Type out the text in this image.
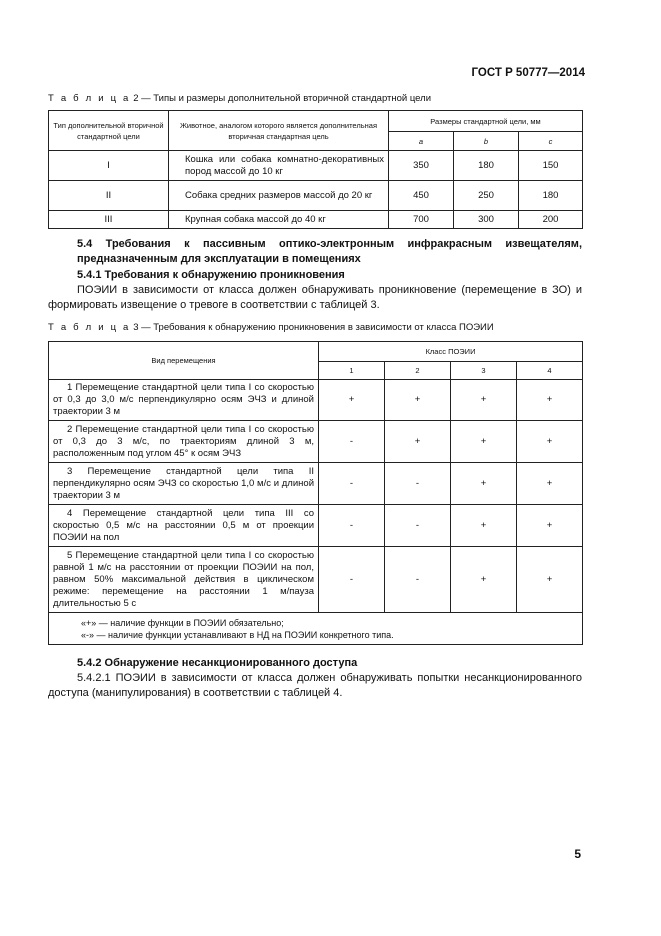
ГОСТ Р 50777—2014
Т а б л и ц а 2 — Типы и размеры дополнительной вторичной стандартной цели
Тип дополнительной вторичной стандартной цели	Животное, аналогом которого является дополнительная вторичная стандартная цель	Размеры стандартной цели, мм		
		a	b	c
I	Кошка или собака комнатно-декоративных пород массой до 10 кг	350	180	150
II	Собака средних размеров массой до 20 кг	450	250	180
III	Крупная собака массой до 40 кг	700	300	200
5.4 Требования к пассивным оптико-электронным инфракрасным извещателям, предназначенным для эксплуатации в помещениях
5.4.1 Требования к обнаружению проникновения
ПОЭИИ в зависимости от класса должен обнаруживать проникновение (перемещение в ЗО) и формировать извещение о тревоге в соответствии с таблицей 3.
Т а б л и ц а 3 — Требования к обнаружению проникновения в зависимости от класса ПОЭИИ
Вид перемещения	Класс ПОЭИИ			
	1	2	3	4
1 Перемещение стандартной цели типа I со скоростью от 0,3 до 3,0 м/с перпендикулярно осям ЭЧЗ и длиной траектории 3 м	+	+	+	+
2 Перемещение стандартной цели типа I со скоростью от 0,3 до 3 м/с, по траекториям длиной 3 м, расположенным под углом 45° к осям ЭЧЗ	-	+	+	+
3 Перемещение стандартной цели типа II перпендикулярно осям ЭЧЗ со скоростью 1,0 м/с и длиной траектории 3 м	-	-	+	+
4 Перемещение стандартной цели типа III со скоростью 0,5 м/с на расстоянии 0,5 м от проекции ПОЭИИ на пол	-	-	+	+
5 Перемещение стандартной цели типа I со скоростью равной 1 м/с на расстоянии от проекции ПОЭИИ на пол, равном 50% максимальной действия в циклическом режиме: перемещение на расстоянии 1 м/пауза длительностью 5 с	-	-	+	+

«+» — наличие функции в ПОЭИИ обязательно;
«-» — наличие функции устанавливают в НД на ПОЭИИ конкретного типа.				
5.4.2 Обнаружение несанкционированного доступа
5.4.2.1 ПОЭИИ в зависимости от класса должен обнаруживать попытки несанкционированного доступа (манипулирования) в соответствии с таблицей 4.
5
